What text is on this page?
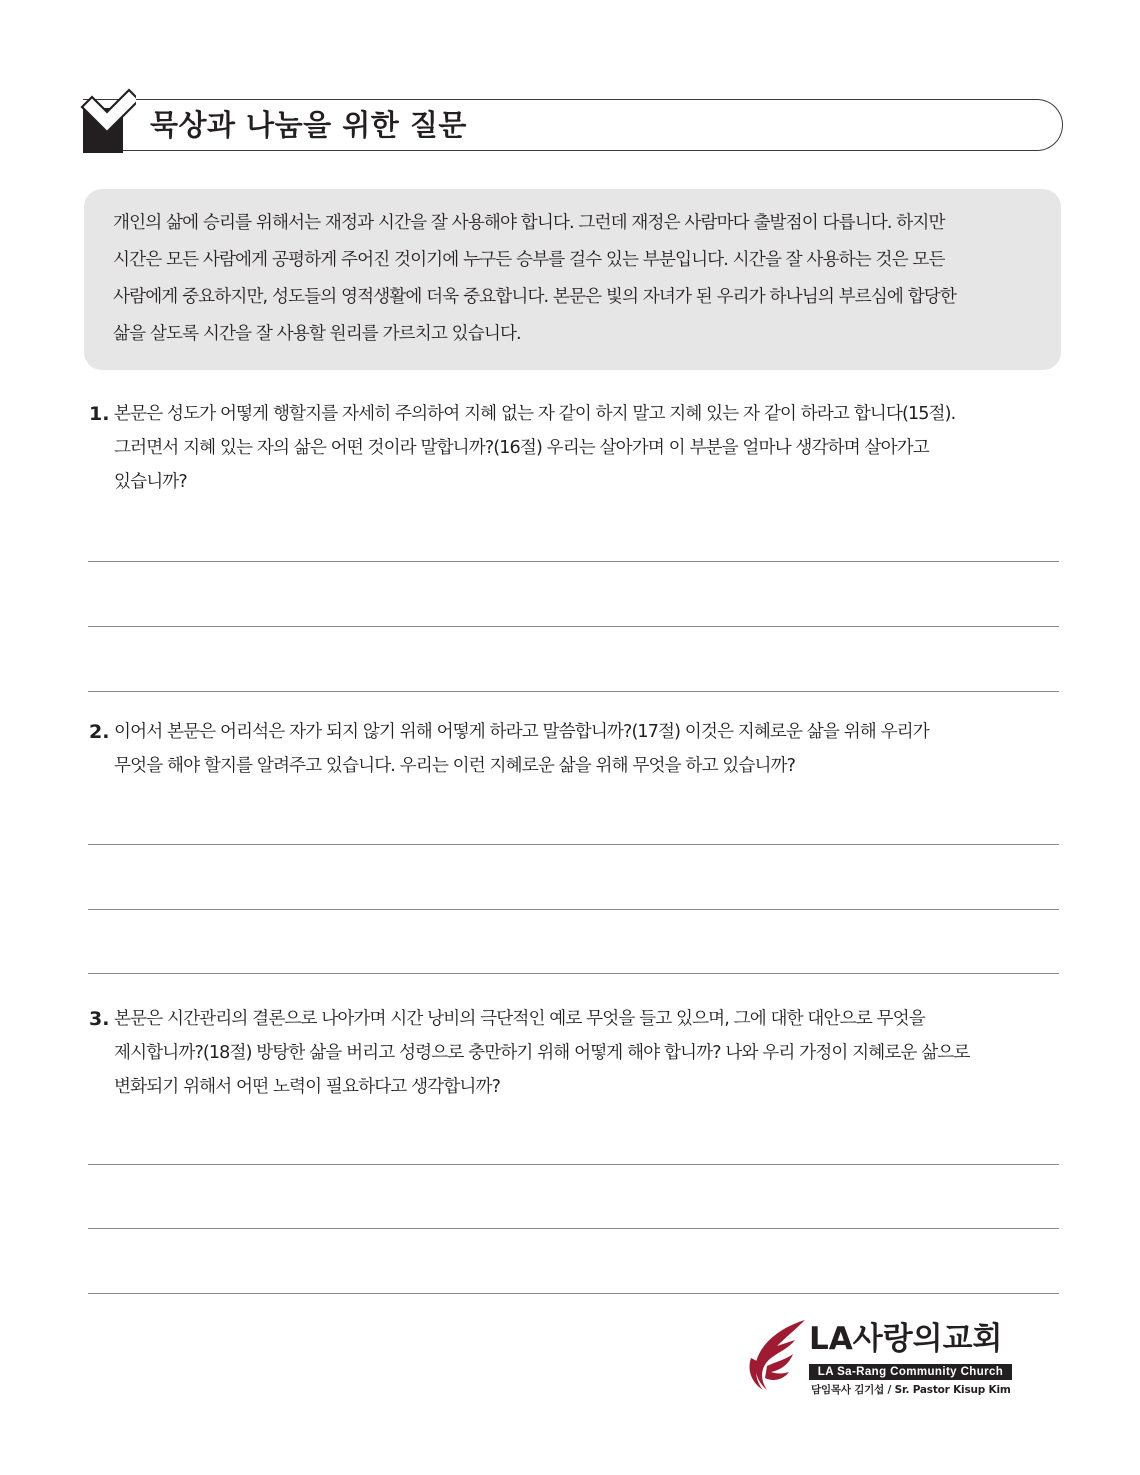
묵상과 나눔을 위한 질문
개인의 삶에 승리를 위해서는 재정과 시간을 잘 사용해야 합니다. 그런데 재정은 사람마다 출발점이 다릅니다. 하지만
시간은 모든 사람에게 공평하게 주어진 것이기에 누구든 승부를 걸수 있는 부분입니다. 시간을 잘 사용하는 것은 모든
사람에게 중요하지만, 성도들의 영적생활에 더욱 중요합니다. 본문은 빛의 자녀가 된 우리가 하나님의 부르심에 합당한
삶을 살도록 시간을 잘 사용할 원리를 가르치고 있습니다.
1. 본문은 성도가 어떻게 행할지를 자세히 주의하여 지혜 없는 자 같이 하지 말고 지혜 있는 자 같이 하라고 합니다(15절).
그러면서 지혜 있는 자의 삶은 어떤 것이라 말합니까?(16절) 우리는 살아가며 이 부분을 얼마나 생각하며 살아가고
있습니까?
2. 이어서 본문은 어리석은 자가 되지 않기 위해 어떻게 하라고 말씀합니까?(17절) 이것은 지혜로운 삶을 위해 우리가
무엇을 해야 할지를 알려주고 있습니다. 우리는 이런 지혜로운 삶을 위해 무엇을 하고 있습니까?
3. 본문은 시간관리의 결론으로 나아가며 시간 낭비의 극단적인 예로 무엇을 들고 있으며, 그에 대한 대안으로 무엇을
제시합니까?(18절) 방탕한 삶을 버리고 성령으로 충만하기 위해 어떻게 해야 합니까? 나와 우리 가정이 지혜로운 삶으로
변화되기 위해서 어떤 노력이 필요하다고 생각합니까?
LA사랑의교회
LA Sa-Rang Community Church
담임목사 김기섭 / Sr. Pastor Kisup Kim
